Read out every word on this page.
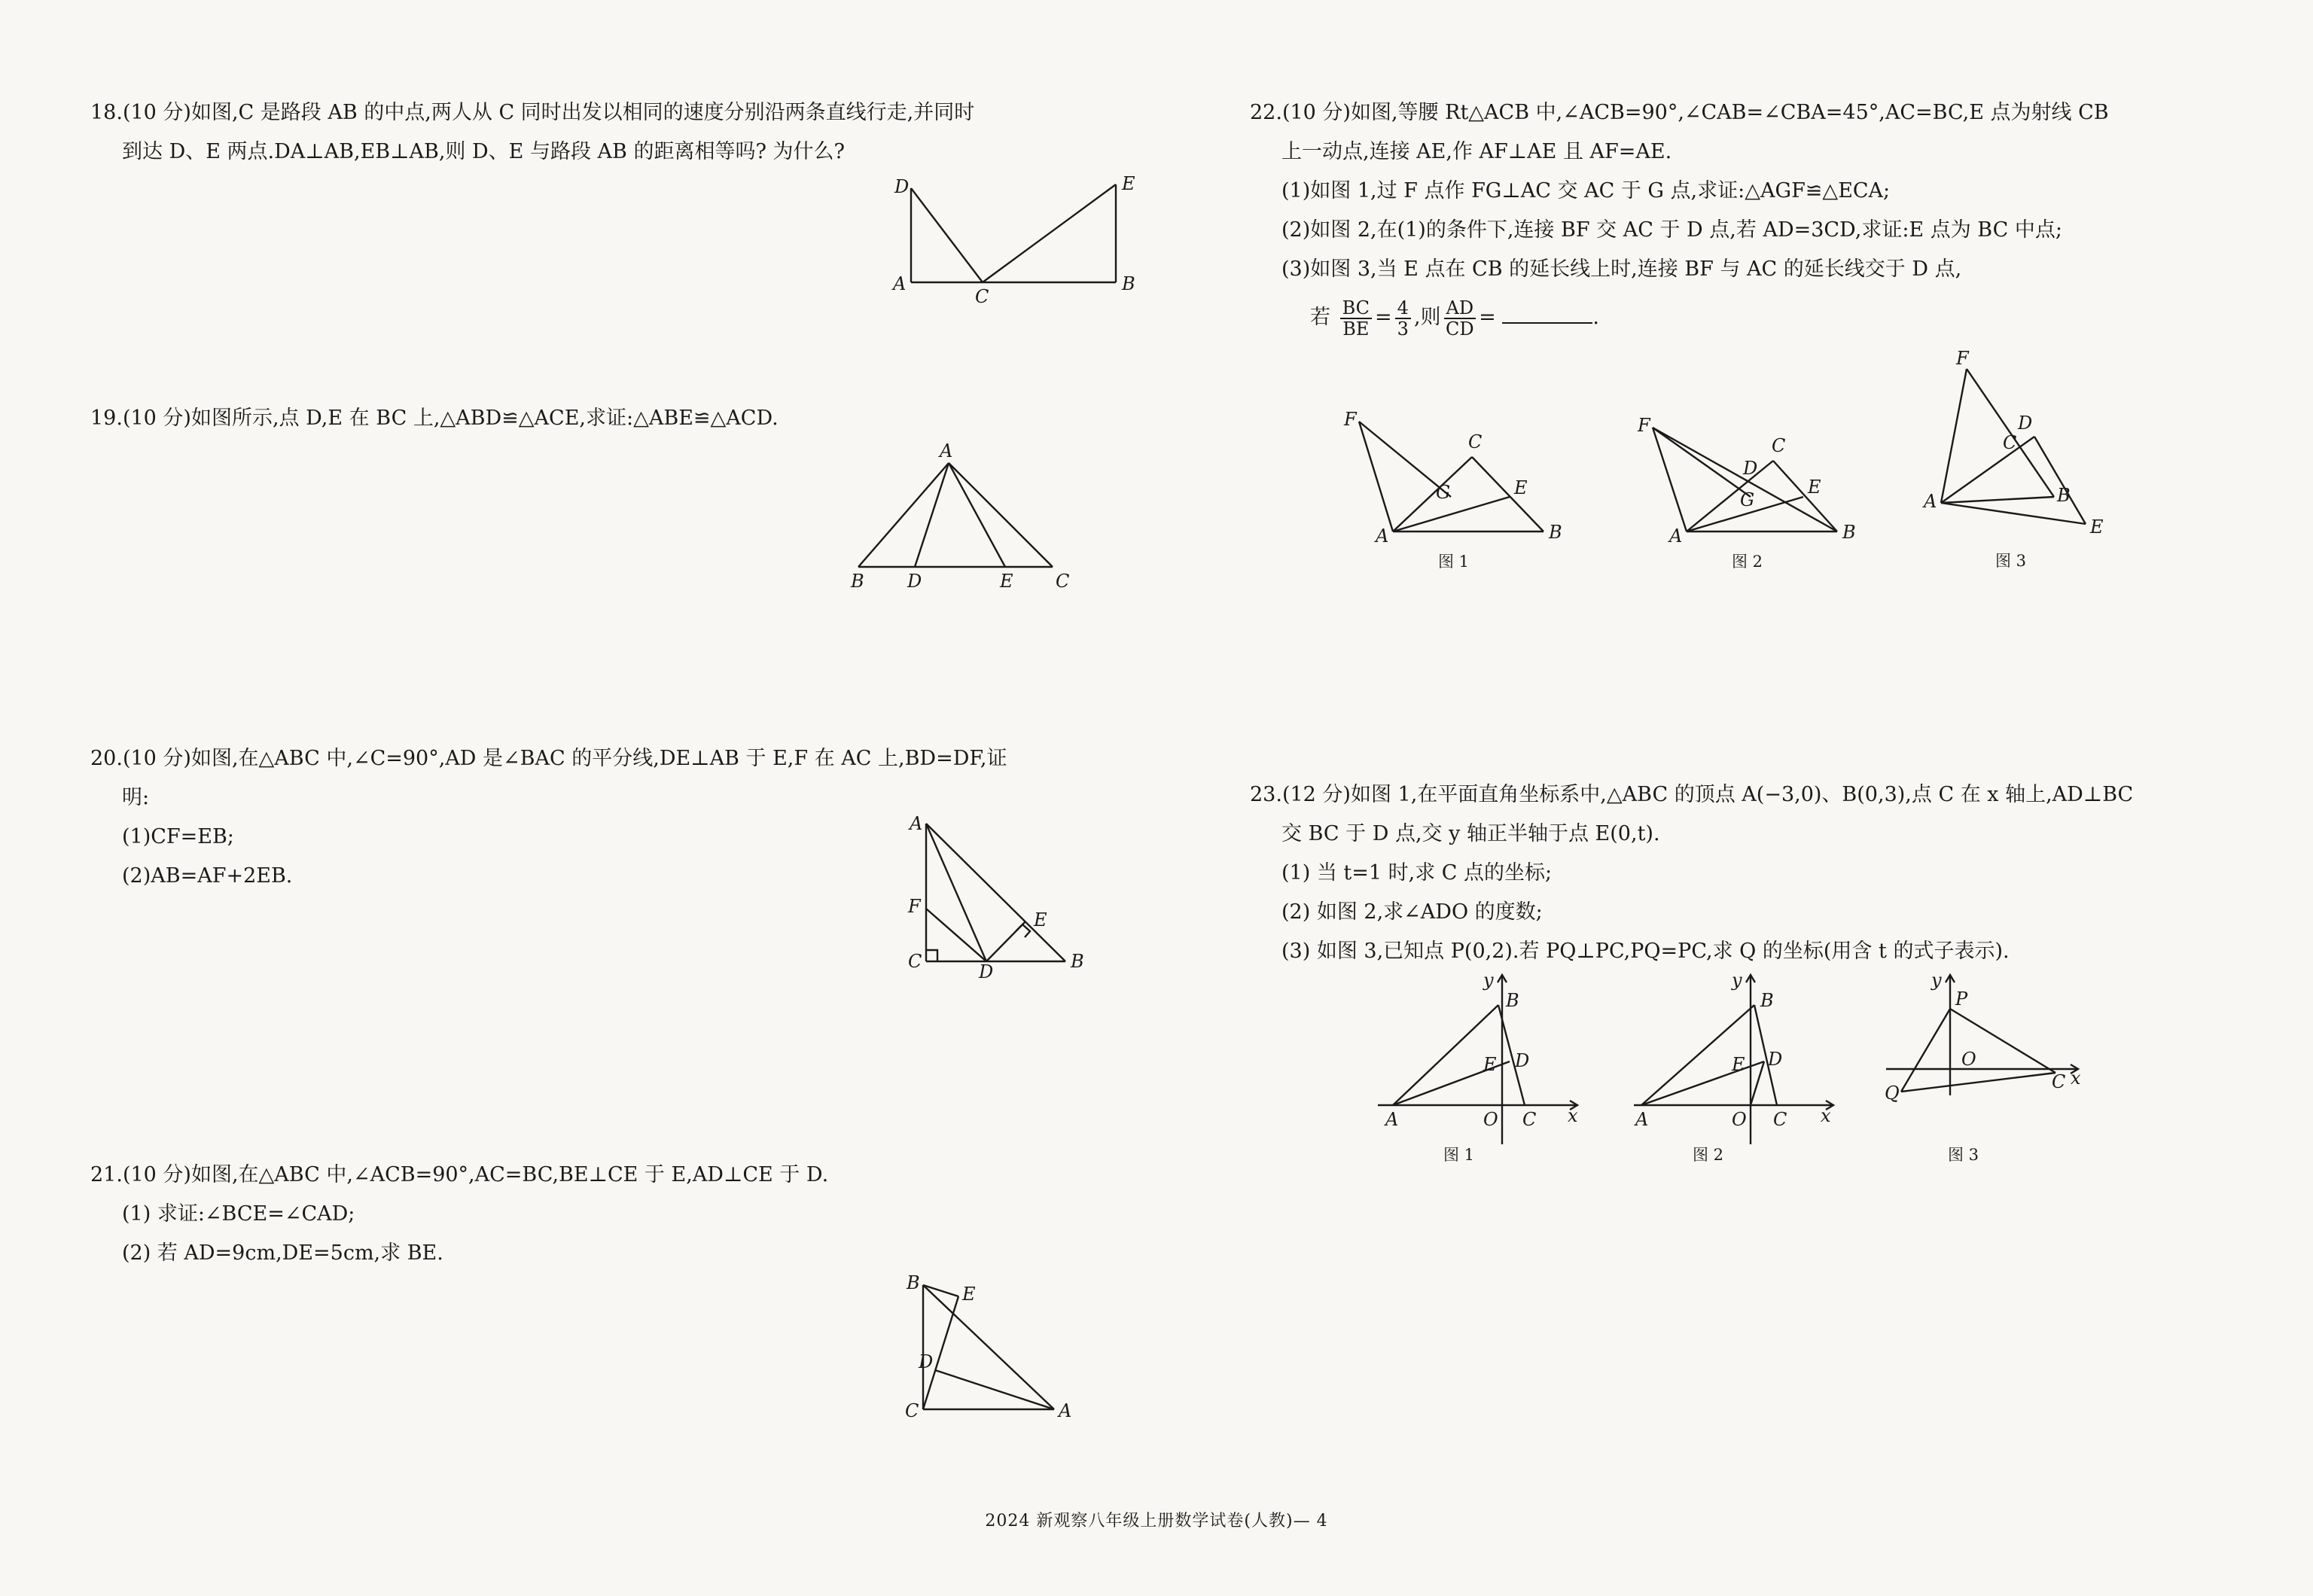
18.(10 分)如图,C 是路段 AB 的中点,两人从 C 同时出发以相同的速度分别沿两条直线行走,并同时
到达 D、E 两点.DA⊥AB,EB⊥AB,则 D、E 与路段 AB 的距离相等吗? 为什么?
D	E
A
C
B
19.(10 分)如图所示,点 D,E 在 BC 上,△ABD≌△ACE,求证:△ABE≌△ACD.
A
B D	E C
20.(10 分)如图,在△ABC 中,∠C=90°,AD 是∠BAC 的平分线,DE⊥AB 于 E,F 在 AC 上,BD=DF,证
明:
(1)CF=EB;
(2)AB=AF+2EB.
A
F
E
C	D	B
21.(10 分)如图,在△ABC 中,∠ACB=90°,AC=BC,BE⊥CE 于 E,AD⊥CE 于 D.
(1) 求证:∠BCE=∠CAD;
(2) 若 AD=9cm,DE=5cm,求 BE.
B
E
D
C	A
22.(10 分)如图,等腰 Rt△ACB 中,∠ACB=90°,∠CAB=∠CBA=45°,AC=BC,E 点为射线 CB
上一动点,连接 AE,作 AF⊥AE 且 AF=AE.
(1)如图 1,过 F 点作 FG⊥AC 交 AC 于 G 点,求证:△AGF≌△ECA;
(2)如图 2,在(1)的条件下,连接 BF 交 AC 于 D 点,若 AD=3CD,求证:E 点为 BC 中点;
(3)如图 3,当 E 点在 CB 的延长线上时,连接 BF 与 AC 的延长线交于 D 点,
若 $\frac{BC}{BE} = \frac{4}{3}$ ,则 $\frac{AD}{CD}$ =	.
F
C
G	E
A	B
图 1
F
C
D
E
G
A	B
图 2
F
D
C
A	B
E
图 3
23.(12 分)如图 1,在平面直角坐标系中,△ABC 的顶点 A(−3,0)、B(0,3),点 C 在 x 轴上,AD⊥BC
交 BC 于 D 点,交 y 轴正半轴于点 E(0,t).
(1) 当 t=1 时,求 C 点的坐标;
(2) 如图 2,求∠ADO 的度数;
(3) 如图 3,已知点 P(0,2).若 PQ⊥PC,PQ=PC,求 Q 的坐标(用含 t 的式子表示).
y
B
E D
A	O C x
图 1
y
B
E D
A	O C x
图 2
y
P
O
Q
C x
图 3
2024 新观察八年级上册数学试卷(人教)— 4
